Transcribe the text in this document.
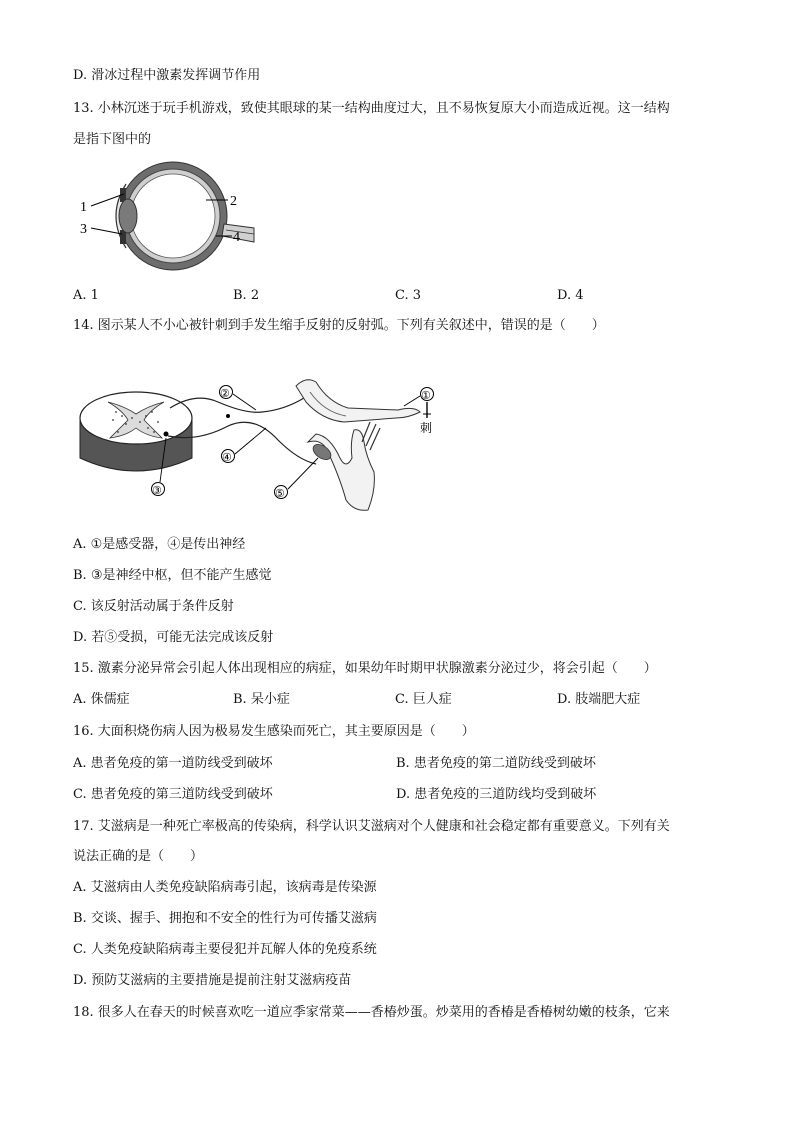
D. 滑冰过程中激素发挥调节作用
13. 小林沉迷于玩手机游戏，致使其眼球的某一结构曲度过大，且不易恢复原大小而造成近视。这一结构
是指下图中的
1
3
2
4
A. 1	B. 2	C. 3	D. 4
14. 图示某人不小心被针刺到手发生缩手反射的反射弧。下列有关叙述中，错误的是（　　）
②	①
刺
④
③	⑤
A. ①是感受器，④是传出神经
B. ③是神经中枢，但不能产生感觉
C. 该反射活动属于条件反射
D. 若⑤受损，可能无法完成该反射
15. 激素分泌异常会引起人体出现相应的病症，如果幼年时期甲状腺激素分泌过少，将会引起（　　）
A. 侏儒症	B. 呆小症	C. 巨人症	D. 肢端肥大症
16. 大面积烧伤病人因为极易发生感染而死亡，其主要原因是（　　）
A. 患者免疫的第一道防线受到破坏	B. 患者免疫的第二道防线受到破坏
C. 患者免疫的第三道防线受到破坏	D. 患者免疫的三道防线均受到破坏
17. 艾滋病是一种死亡率极高的传染病，科学认识艾滋病对个人健康和社会稳定都有重要意义。下列有关
说法正确的是（　　）
A. 艾滋病由人类免疫缺陷病毒引起，该病毒是传染源
B. 交谈、握手、拥抱和不安全的性行为可传播艾滋病
C. 人类免疫缺陷病毒主要侵犯并瓦解人体的免疫系统
D. 预防艾滋病的主要措施是提前注射艾滋病疫苗
18. 很多人在春天的时候喜欢吃一道应季家常菜——香椿炒蛋。炒菜用的香椿是香椿树幼嫩的枝条，它来
